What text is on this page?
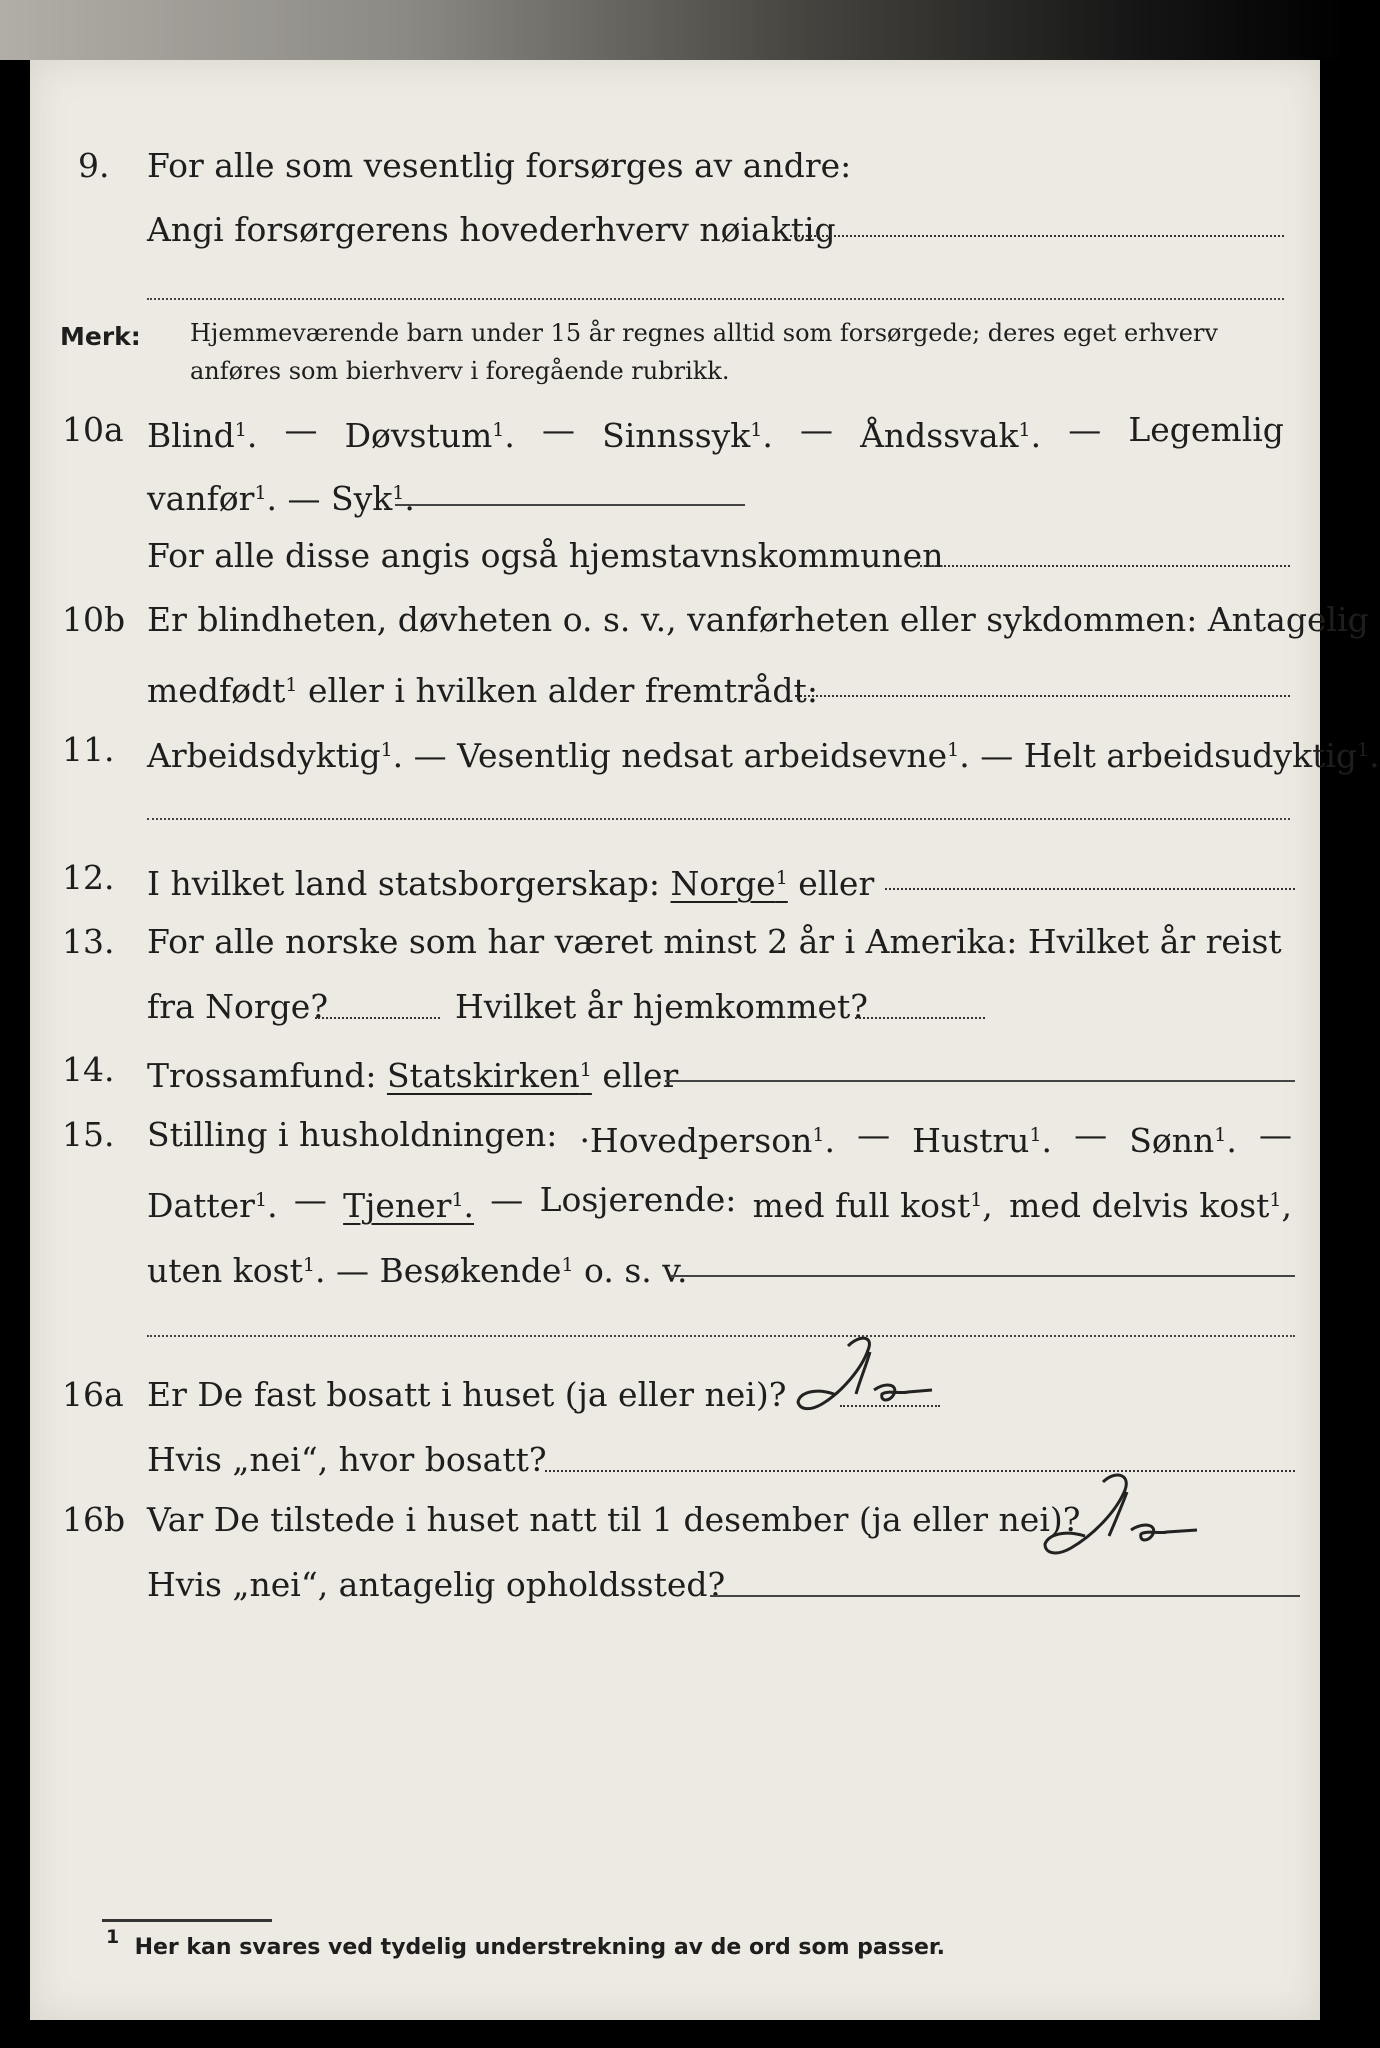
9. For alle som vesentlig forsørges av andre:
Angi forsørgerens hovederhverv nøiaktig
Merk: Hjemmeværende barn under 15 år regnes alltid som forsørgede; deres eget erhverv anføres som bierhverv i foregående rubrikk.
10a Blind$^1$. — Døvstum$^1$. — Sinnssyk$^1$. — Åndssvak$^1$. — Legemlig
vanfør$^1$. — Syk$^1$.
For alle disse angis også hjemstavnskommunen
10b Er blindheten, døvheten o. s. v., vanførheten eller sykdommen: Antagelig
medfødt$^1$ eller i hvilken alder fremtrådt:
11. Arbeidsdyktig$^1$. — Vesentlig nedsat arbeidsevne$^1$. — Helt arbeidsudyktig$^1$.
12. I hvilket land statsborgerskap: Norge$^1$ eller
13. For alle norske som har været minst 2 år i Amerika: Hvilket år reist
fra Norge?	Hvilket år hjemkommet?
14. Trossamfund: Statskirken$^1$ eller
15. Stilling i husholdningen: ·Hovedperson$^1$. — Hustru$^1$. — Sønn$^1$. —
Datter$^1$. — Tjener$^1$. — Losjerende: med full kost$^1$, med delvis kost$^1$,
uten kost$^1$. — Besøkende$^1$ o. s. v.
16a Er De fast bosatt i huset (ja eller nei)?
Hvis „nei“, hvor bosatt?
16b Var De tilstede i huset natt til 1 desember (ja eller nei)?
Hvis „nei“, antagelig opholdssted?
1 Her kan svares ved tydelig understrekning av de ord som passer.
